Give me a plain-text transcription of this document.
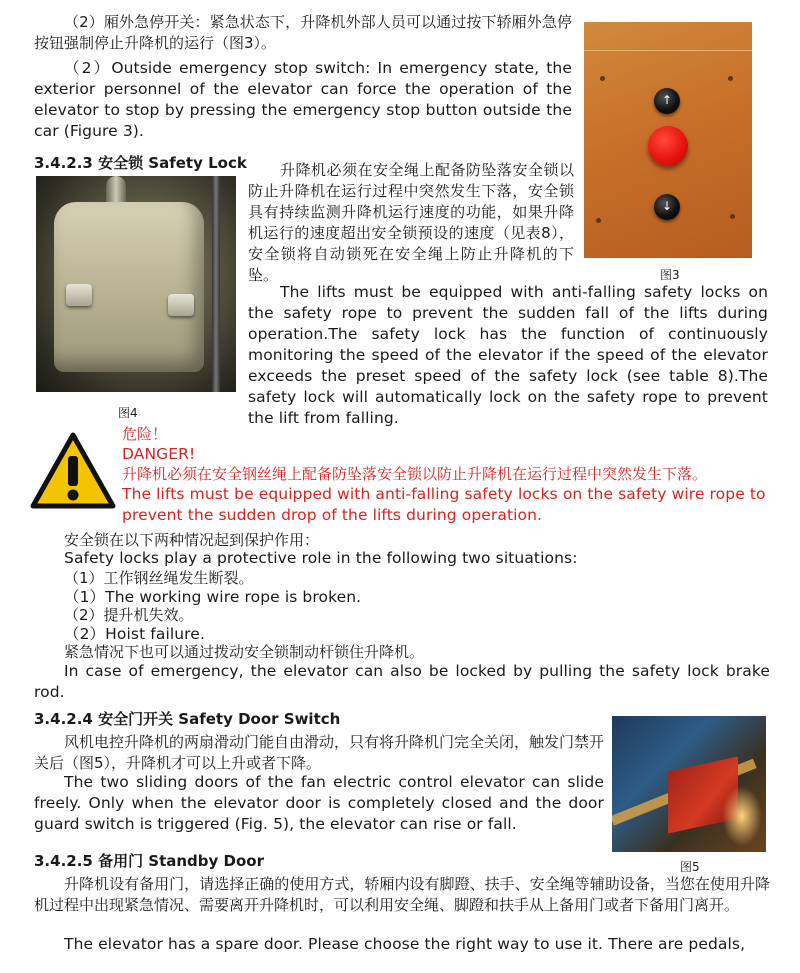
（2）厢外急停开关：紧急状态下，升降机外部人员可以通过按下轿厢外急停按钮强制停止升降机的运行（图3）。

（2）Outside emergency stop switch: In emergency state, the exterior personnel of the elevator can force the operation of the elevator to stop by pressing the emergency stop button outside the car (Figure 3).

↑
↓
图3
3.4.2.3 安全锁 Safety Lock
图4

升降机必须在安全绳上配备防坠落安全锁以防止升降机在运行过程中突然发生下落，安全锁具有持续监测升降机运行速度的功能，如果升降机运行的速度超出安全锁预设的速度（见表8），安全锁将自动锁死在安全绳上防止升降机的下坠。

The lifts must be equipped with anti-falling safety locks on the safety rope to prevent the sudden fall of the lifts during operation.The safety lock has the function of continuously monitoring the speed of the elevator if the speed of the elevator exceeds the preset speed of the safety lock (see table 8).The safety lock will automatically lock on the safety rope to prevent the lift from falling.

危险！
DANGER!
升降机必须在安全钢丝绳上配备防坠落安全锁以防止升降机在运行过程中突然发生下落。
The lifts must be equipped with anti-falling safety locks on the safety wire rope to prevent the sudden drop of the lifts during operation.
安全锁在以下两种情况起到保护作用：
Safety locks play a protective role in the following two situations:
（1）工作钢丝绳发生断裂。
（1）The working wire rope is broken.
（2）提升机失效。
（2）Hoist failure.
紧急情况下也可以通过拨动安全锁制动杆锁住升降机。

In case of emergency, the elevator can also be locked by pulling the safety lock brake rod.

3.4.2.4 安全门开关 Safety Door Switch

风机电控升降机的两扇滑动门能自由滑动，只有将升降机门完全关闭，触发门禁开关后（图5），升降机才可以上升或者下降。

The two sliding doors of the fan electric control elevator can slide freely. Only when the elevator door is completely closed and the door guard switch is triggered (Fig. 5), the elevator can rise or fall.

图5
3.4.2.5 备用门 Standby Door

升降机设有备用门，请选择正确的使用方式，轿厢内设有脚蹬、扶手、安全绳等辅助设备，当您在使用升降机过程中出现紧急情况、需要离开升降机时，可以利用安全绳、脚蹬和扶手从上备用门或者下备用门离开。

The elevator has a spare door. Please choose the right way to use it. There are pedals,
